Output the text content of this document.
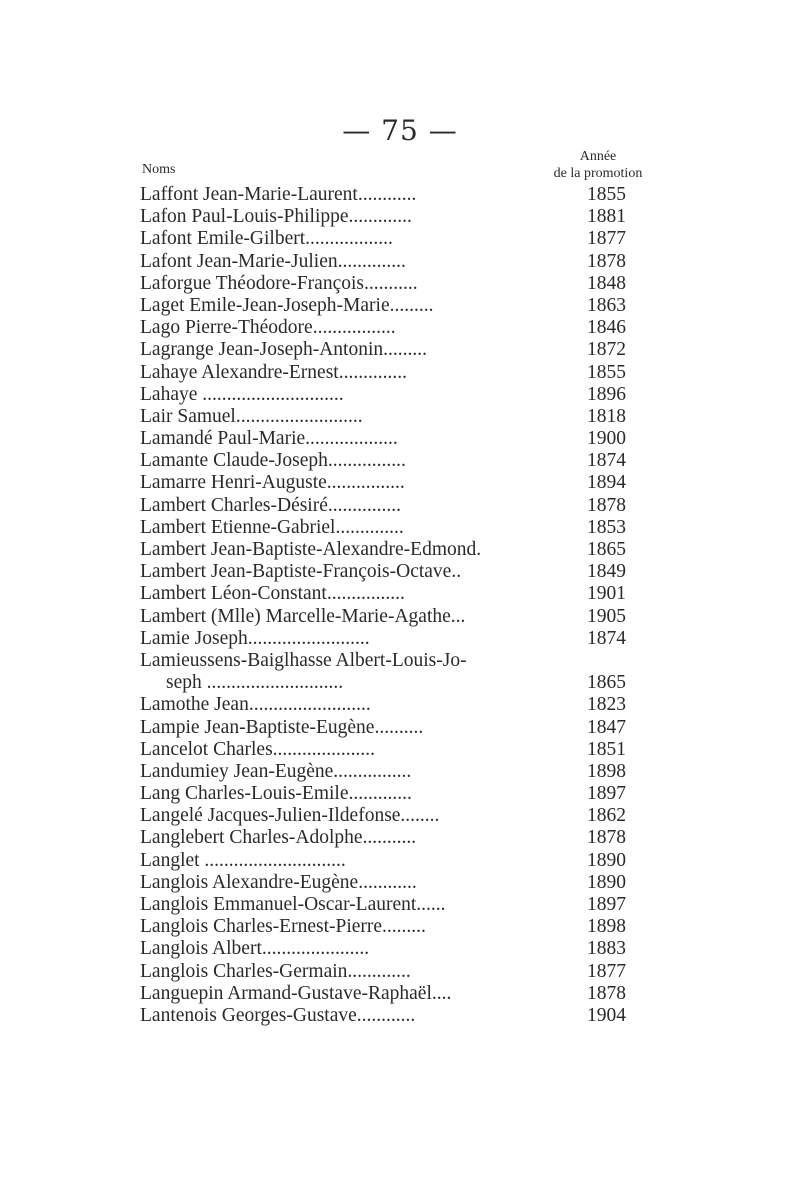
— 75 —
Noms
Année
de la promotion
Laffont Jean-Marie-Laurent............	1855
Lafon Paul-Louis-Philippe.............	1881
Lafont Emile-Gilbert..................	1877
Lafont Jean-Marie-Julien..............	1878
Laforgue Théodore-François...........	1848
Laget Emile-Jean-Joseph-Marie.........	1863
Lago Pierre-Théodore.................	1846
Lagrange Jean-Joseph-Antonin.........	1872
Lahaye Alexandre-Ernest..............	1855
Lahaye .............................	1896
Lair Samuel..........................	1818
Lamandé Paul-Marie...................	1900
Lamante Claude-Joseph................	1874
Lamarre Henri-Auguste................	1894
Lambert Charles-Désiré...............	1878
Lambert Etienne-Gabriel..............	1853
Lambert Jean-Baptiste-Alexandre-Edmond.	1865
Lambert Jean-Baptiste-François-Octave..	1849
Lambert Léon-Constant................	1901
Lambert (Mlle) Marcelle-Marie-Agathe...	1905
Lamie Joseph.........................	1874
Lamieussens-Baiglhasse Albert-Louis-Jo-
seph ............................	1865
Lamothe Jean.........................	1823
Lampie Jean-Baptiste-Eugène..........	1847
Lancelot Charles.....................	1851
Landumiey Jean-Eugène................	1898
Lang Charles-Louis-Emile.............	1897
Langelé Jacques-Julien-Ildefonse........	1862
Langlebert Charles-Adolphe...........	1878
Langlet .............................	1890
Langlois Alexandre-Eugène............	1890
Langlois Emmanuel-Oscar-Laurent......	1897
Langlois Charles-Ernest-Pierre.........	1898
Langlois Albert......................	1883
Langlois Charles-Germain.............	1877
Languepin Armand-Gustave-Raphaël....	1878
Lantenois Georges-Gustave............	1904
